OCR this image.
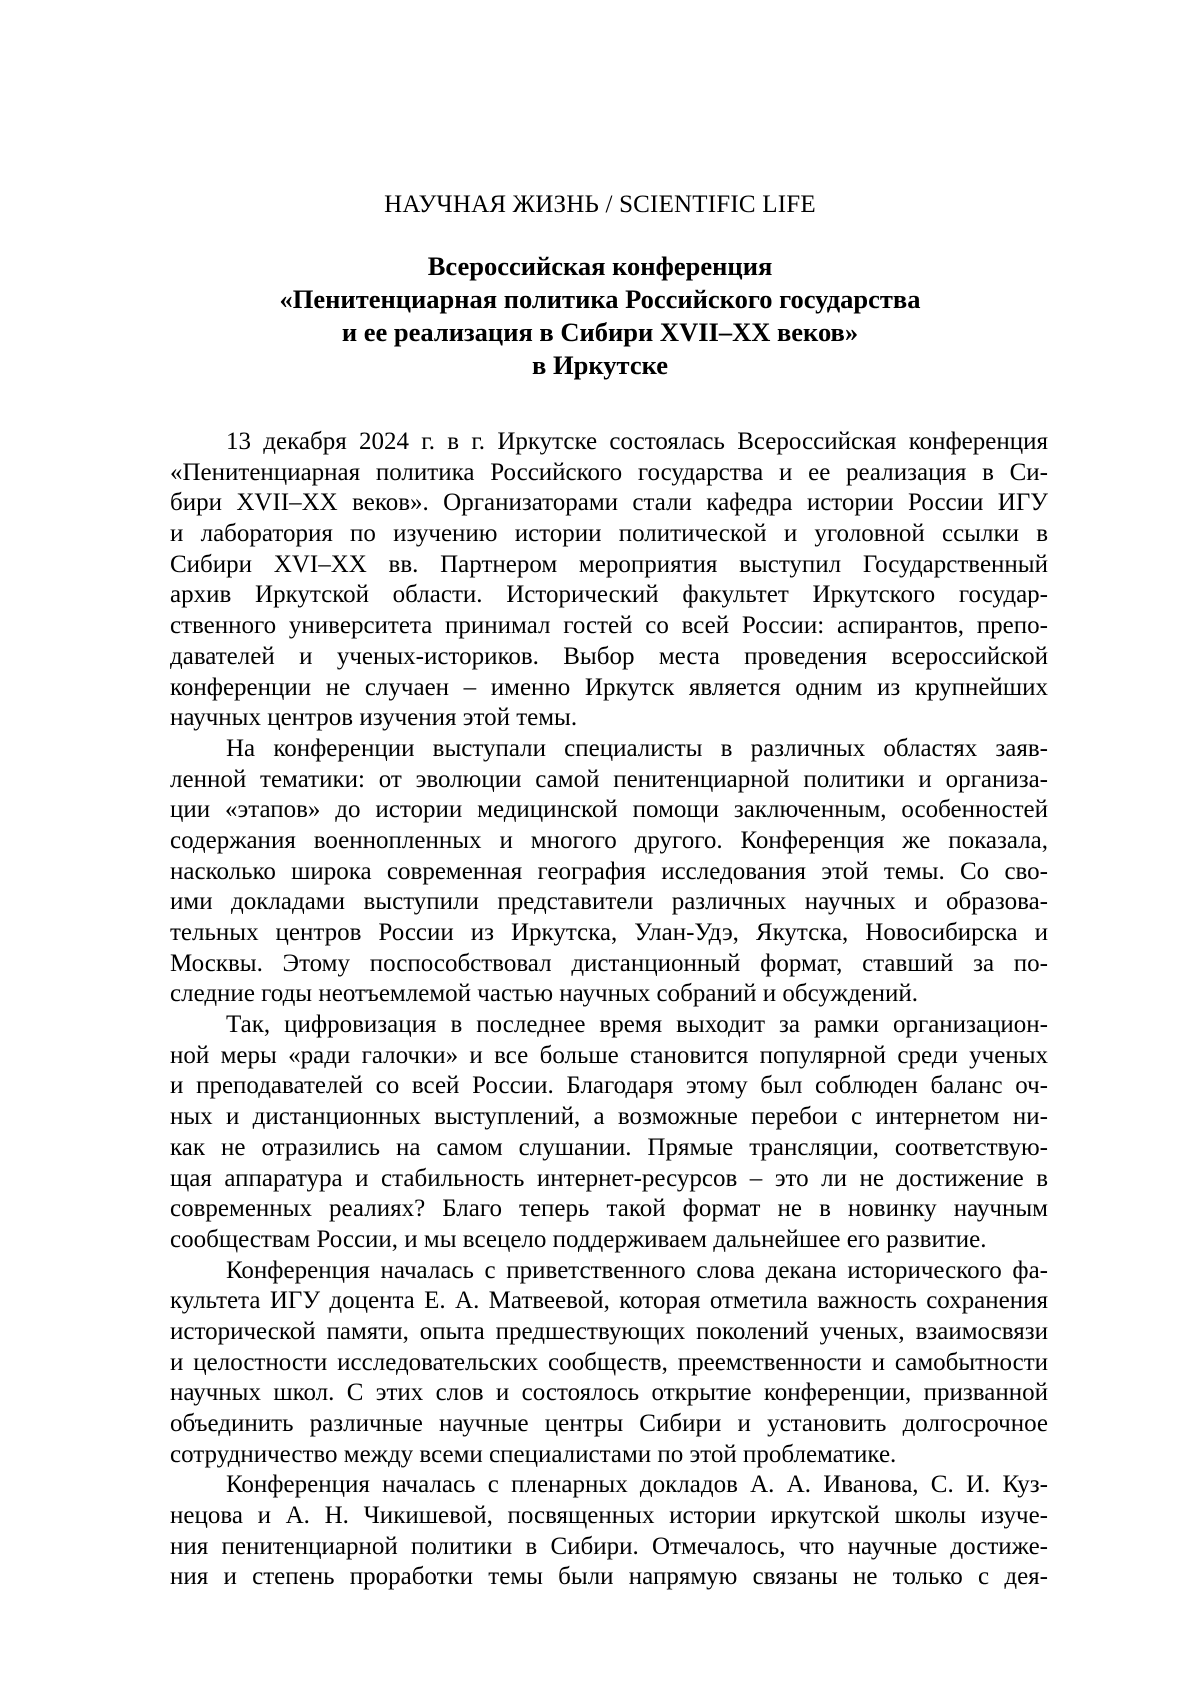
НАУЧНАЯ ЖИЗНЬ / SCIENTIFIC LIFE
Всероссийская конференция
«Пенитенциарная политика Российского государства
и ее реализация в Сибири XVII–XX веков»
в Иркутске
13 декабря 2024 г. в г. Иркутске состоялась Всероссийская конференция
«Пенитенциарная политика Российского государства и ее реализация в Си-
бири XVII–XX веков». Организаторами стали кафедра истории России ИГУ
и лаборатория по изучению истории политической и уголовной ссылки в
Сибири XVI–XX вв. Партнером мероприятия выступил Государственный
архив Иркутской области. Исторический факультет Иркутского государ-
ственного университета принимал гостей со всей России: аспирантов, препо-
давателей и ученых-историков. Выбор места проведения всероссийской
конференции не случаен – именно Иркутск является одним из крупнейших
научных центров изучения этой темы.
На конференции выступали специалисты в различных областях заяв-
ленной тематики: от эволюции самой пенитенциарной политики и организа-
ции «этапов» до истории медицинской помощи заключенным, особенностей
содержания военнопленных и многого другого. Конференция же показала,
насколько широка современная география исследования этой темы. Со сво-
ими докладами выступили представители различных научных и образова-
тельных центров России из Иркутска, Улан-Удэ, Якутска, Новосибирска и
Москвы. Этому поспособствовал дистанционный формат, ставший за по-
следние годы неотъемлемой частью научных собраний и обсуждений.
Так, цифровизация в последнее время выходит за рамки организацион-
ной меры «ради галочки» и все больше становится популярной среди ученых
и преподавателей со всей России. Благодаря этому был соблюден баланс оч-
ных и дистанционных выступлений, а возможные перебои с интернетом ни-
как не отразились на самом слушании. Прямые трансляции, соответствую-
щая аппаратура и стабильность интернет-ресурсов – это ли не достижение в
современных реалиях? Благо теперь такой формат не в новинку научным
сообществам России, и мы всецело поддерживаем дальнейшее его развитие.
Конференция началась с приветственного слова декана исторического фа-
культета ИГУ доцента Е. А. Матвеевой, которая отметила важность сохранения
исторической памяти, опыта предшествующих поколений ученых, взаимосвязи
и целостности исследовательских сообществ, преемственности и самобытности
научных школ. С этих слов и состоялось открытие конференции, призванной
объединить различные научные центры Сибири и установить долгосрочное
сотрудничество между всеми специалистами по этой проблематике.
Конференция началась с пленарных докладов А. А. Иванова, С. И. Куз-
нецова и А. Н. Чикишевой, посвященных истории иркутской школы изуче-
ния пенитенциарной политики в Сибири. Отмечалось, что научные достиже-
ния и степень проработки темы были напрямую связаны не только с дея-
